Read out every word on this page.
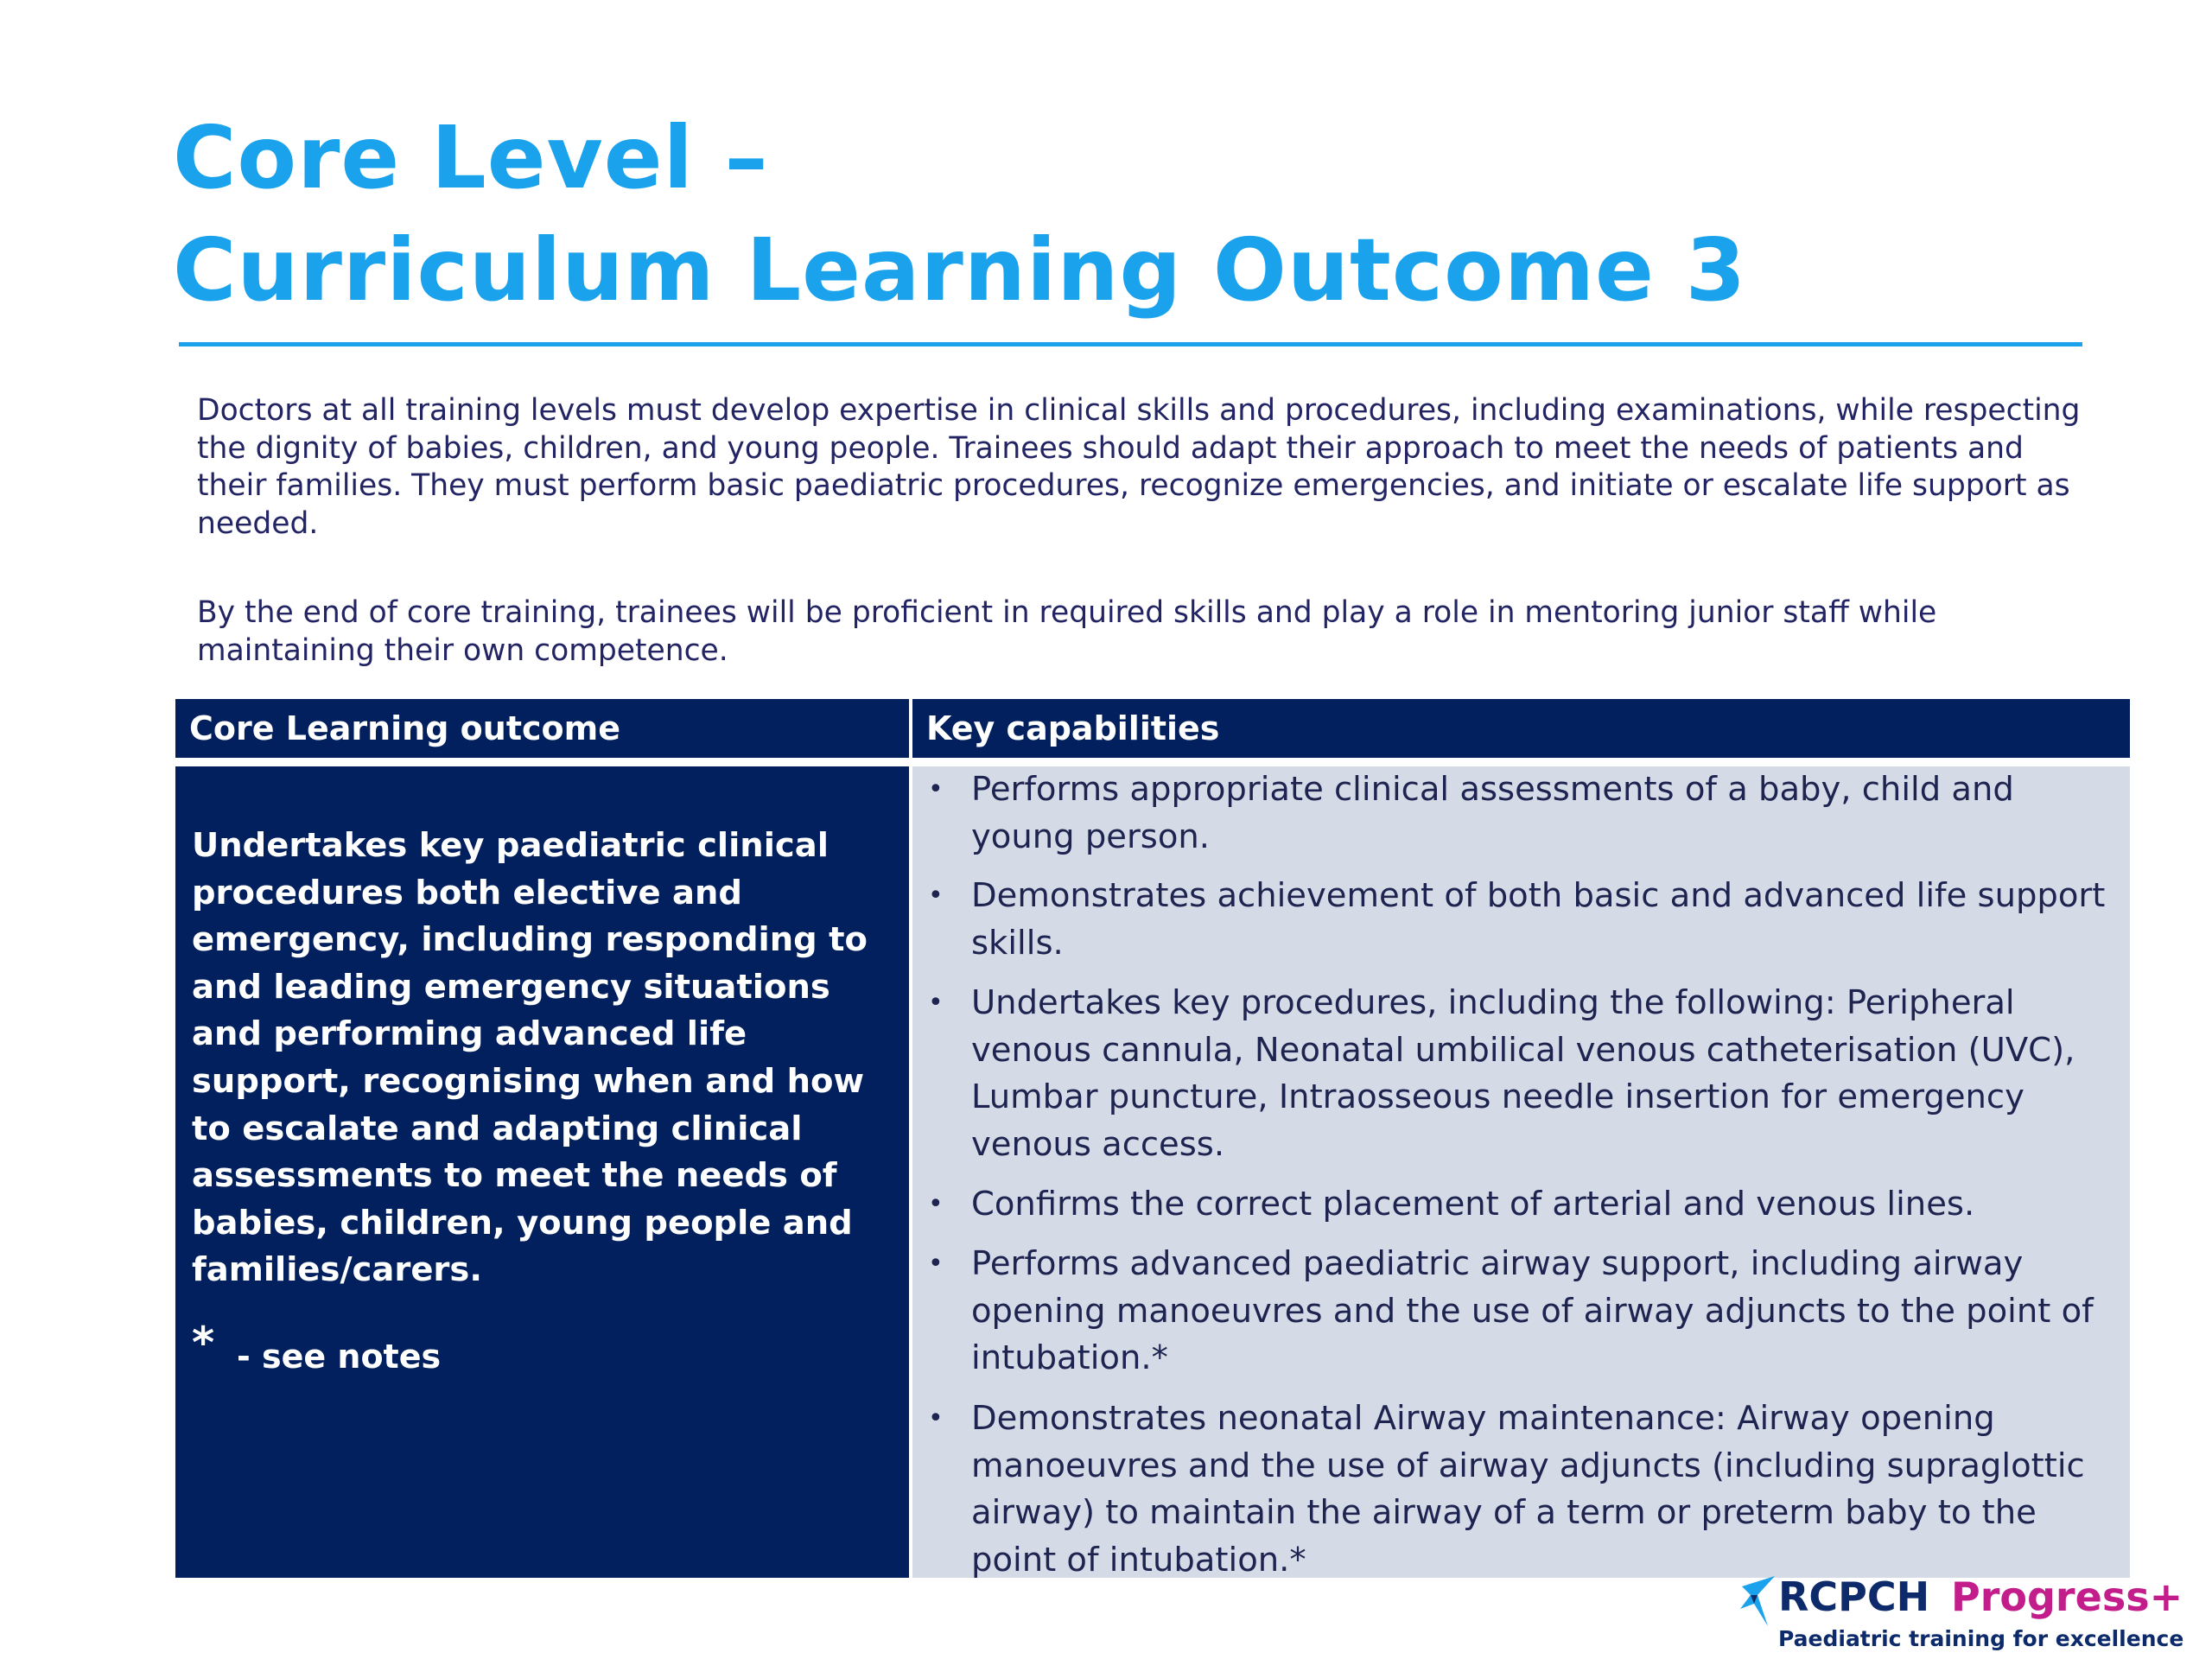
Core Level –
Curriculum Learning Outcome 3

Doctors at all training levels must develop expertise in clinical skills and procedures, including examinations, while respecting the dignity of babies, children, and young people. Trainees should adapt their approach to meet the needs of patients and their families. They must perform basic paediatric procedures, recognize emergencies, and initiate or escalate life support as needed.

By the end of core training, trainees will be proficient in required skills and play a role in mentoring junior staff while maintaining their own competence.

Core Learning outcome	Key capabilities

Undertakes key paediatric clinical procedures both elective and emergency, including responding to and leading emergency situations and performing advanced life support, recognising when and how to escalate and adapting clinical assessments to meet the needs of babies, children, young people and families/carers.

* - see notes
• Performs appropriate clinical assessments of a baby, child and young person.
• Demonstrates achievement of both basic and advanced life support skills.
• Undertakes key procedures, including the following: Peripheral venous cannula, Neonatal umbilical venous catheterisation (UVC), Lumbar puncture, Intraosseous needle insertion for emergency venous access.
• Confirms the correct placement of arterial and venous lines.
• Performs advanced paediatric airway support, including airway opening manoeuvres and the use of airway adjuncts to the point of intubation.*
• Demonstrates neonatal Airway maintenance: Airway opening manoeuvres and the use of airway adjuncts (including supraglottic airway) to maintain the airway of a term or preterm baby to the point of intubation.*
RCPCH Progress+
Paediatric training for excellence
